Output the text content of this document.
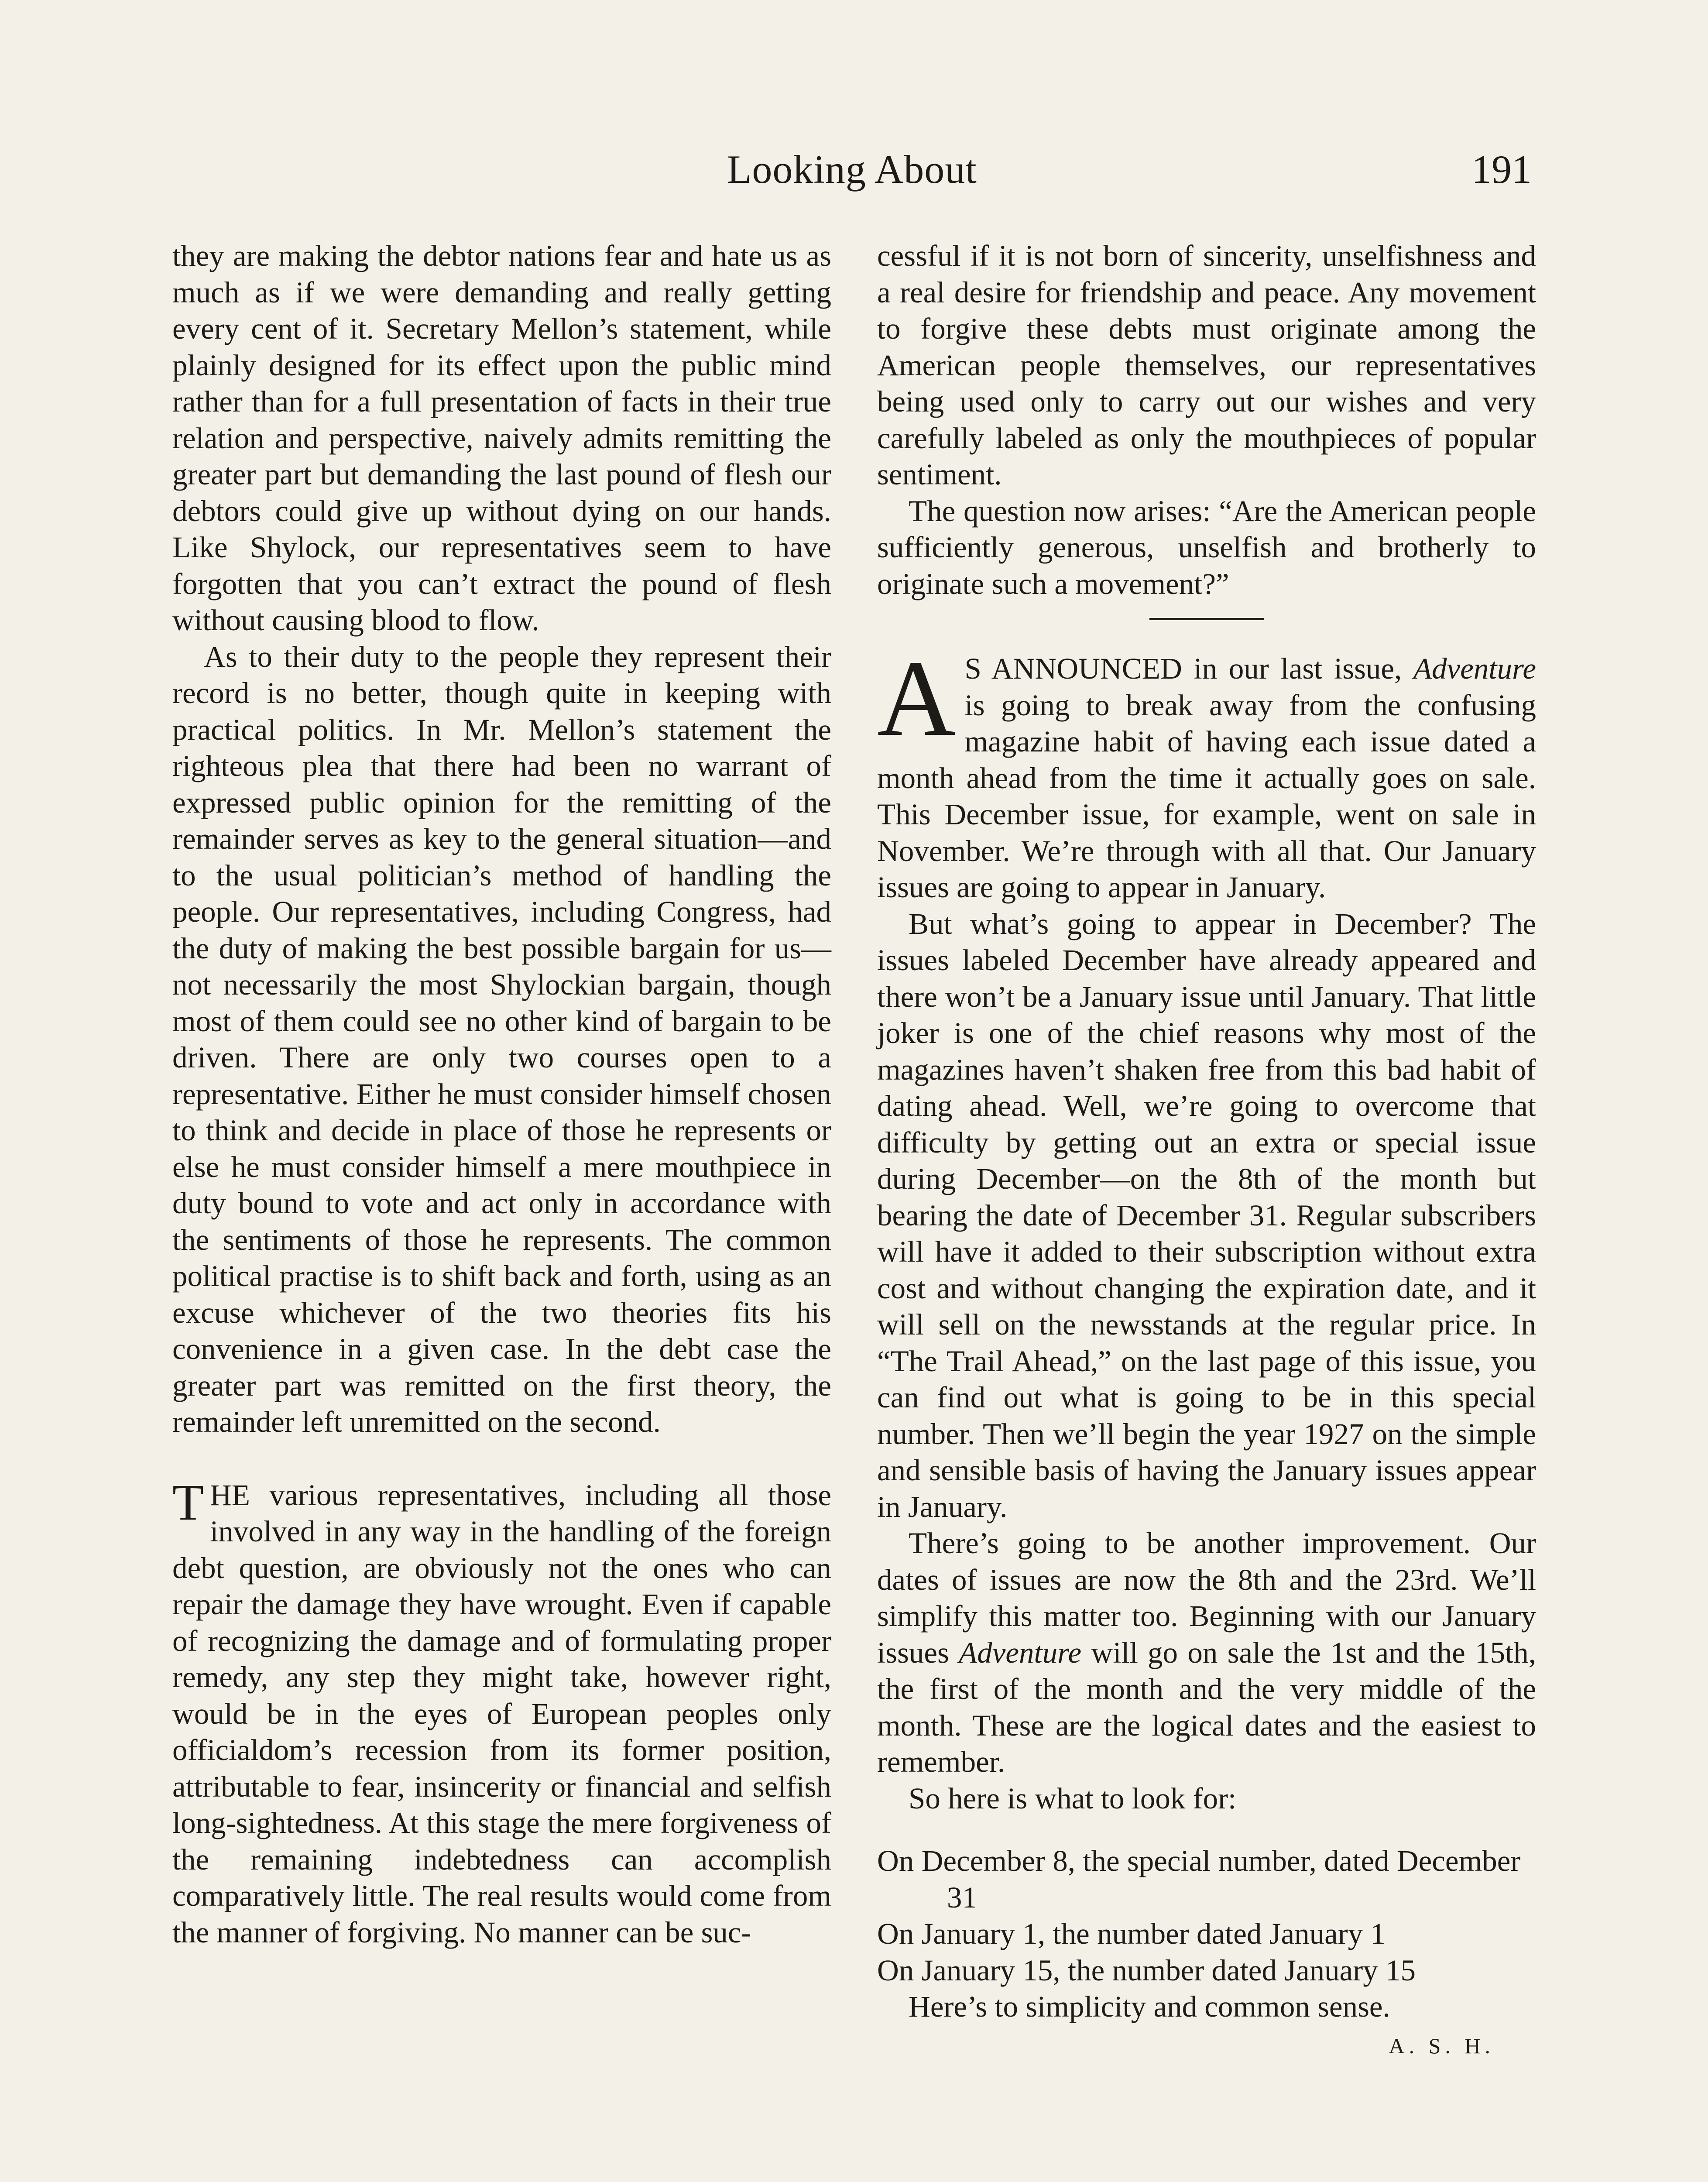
Looking About	191

they are making the debtor nations fear and hate us as much as if we were demanding and really getting every cent of it. Secretary Mellon’s statement, while plainly designed for its effect upon the public mind rather than for a full presentation of facts in their true relation and perspective, naively admits remitting the greater part but demanding the last pound of flesh our debtors could give up without dying on our hands. Like Shylock, our representatives seem to have forgotten that you can’t extract the pound of flesh without causing blood to flow.

As to their duty to the people they represent their record is no better, though quite in keeping with practical politics. In Mr. Mellon’s statement the righteous plea that there had been no warrant of expressed public opinion for the remitting of the remainder serves as key to the general situation—and to the usual politician’s method of handling the people. Our representatives, including Congress, had the duty of making the best possible bargain for us—not necessarily the most Shylockian bargain, though most of them could see no other kind of bargain to be driven. There are only two courses open to a representative. Either he must consider himself chosen to think and decide in place of those he represents or else he must consider himself a mere mouthpiece in duty bound to vote and act only in accordance with the sentiments of those he represents. The common political practise is to shift back and forth, using as an excuse whichever of the two theories fits his convenience in a given case. In the debt case the greater part was remitted on the first theory, the remainder left unremitted on the second.

THE various representatives, including all those involved in any way in the handling of the foreign debt question, are obviously not the ones who can repair the damage they have wrought. Even if capable of recognizing the damage and of formulating proper remedy, any step they might take, however right, would be in the eyes of European peoples only officialdom’s recession from its former position, attributable to fear, insincerity or financial and selfish long-sightedness. At this stage the mere forgiveness of the remaining indebtedness can accomplish comparatively little. The real results would come from the manner of forgiving. No manner can be suc-

cessful if it is not born of sincerity, unselfishness and a real desire for friendship and peace. Any movement to forgive these debts must originate among the American people themselves, our representatives being used only to carry out our wishes and very carefully labeled as only the mouthpieces of popular sentiment.

The question now arises: “Are the American people sufficiently generous, unselfish and brotherly to originate such a movement?”

A S ANNOUNCED in our last issue, Adventure is going to break away from the confusing magazine habit of having each issue dated a month ahead from the time it actually goes on sale. This December issue, for example, went on sale in November. We’re through with all that. Our January issues are going to appear in January.

But what’s going to appear in December? The issues labeled December have already appeared and there won’t be a January issue until January. That little joker is one of the chief reasons why most of the magazines haven’t shaken free from this bad habit of dating ahead. Well, we’re going to overcome that difficulty by getting out an extra or special issue during December—on the 8th of the month but bearing the date of December 31. Regular subscribers will have it added to their subscription without extra cost and without changing the expiration date, and it will sell on the newsstands at the regular price. In “The Trail Ahead,” on the last page of this issue, you can find out what is going to be in this special number. Then we’ll begin the year 1927 on the simple and sensible basis of having the January issues appear in January.

There’s going to be another improvement. Our dates of issues are now the 8th and the 23rd. We’ll simplify this matter too. Beginning with our January issues Adventure will go on sale the 1st and the 15th, the first of the month and the very middle of the month. These are the logical dates and the easiest to remember.

So here is what to look for:

On December 8, the special number, dated December 31
On January 1, the number dated January 1
On January 15, the number dated January 15

Here’s to simplicity and common sense.

A. S. H.
